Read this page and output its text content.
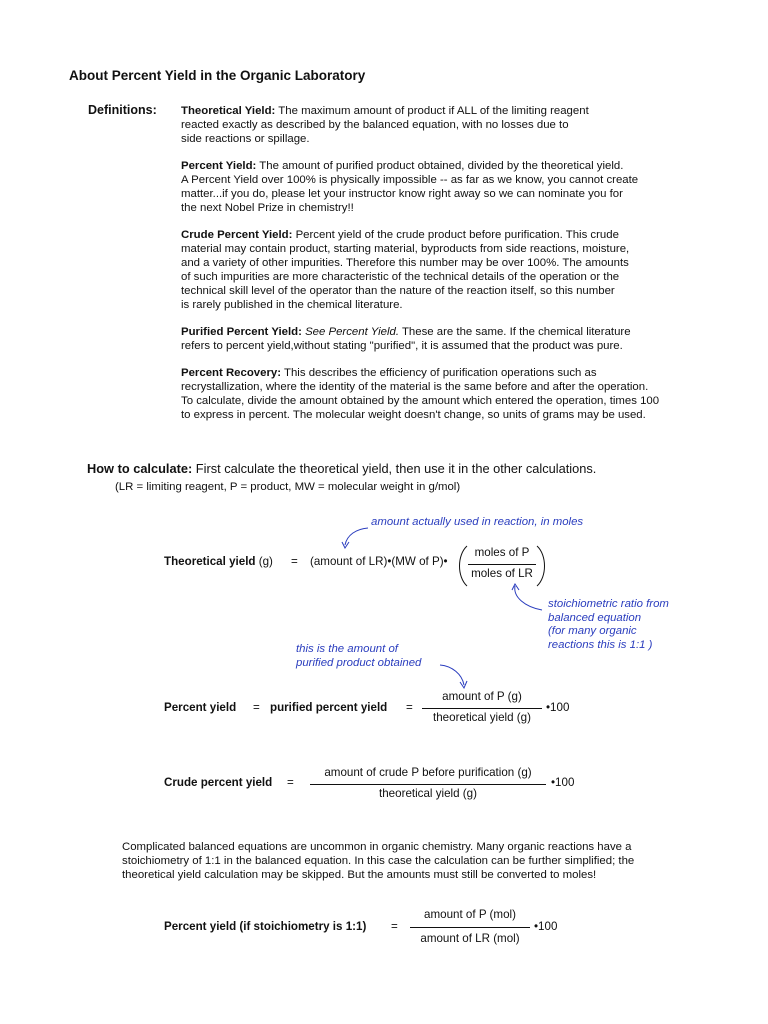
About Percent Yield in the Organic Laboratory
Definitions: Theoretical Yield: The maximum amount of product if ALL of the limiting reagent
reacted exactly as described by the balanced equation, with no losses due to
side reactions or spillage.
Percent Yield: The amount of purified product obtained, divided by the theoretical yield.
A Percent Yield over 100% is physically impossible -- as far as we know, you cannot create
matter...if you do, please let your instructor know right away so we can nominate you for
the next Nobel Prize in chemistry!!
Crude Percent Yield: Percent yield of the crude product before purification. This crude
material may contain product, starting material, byproducts from side reactions, moisture,
and a variety of other impurities. Therefore this number may be over 100%. The amounts
of such impurities are more characteristic of the technical details of the operation or the
technical skill level of the operator than the nature of the reaction itself, so this number
is rarely published in the chemical literature.
Purified Percent Yield: See Percent Yield. These are the same. If the chemical literature
refers to percent yield,without stating "purified", it is assumed that the product was pure.
Percent Recovery: This describes the efficiency of purification operations such as
recrystallization, where the identity of the material is the same before and after the operation.
To calculate, divide the amount obtained by the amount which entered the operation, times 100
to express in percent. The molecular weight doesn't change, so units of grams may be used.
How to calculate: First calculate the theoretical yield, then use it in the other calculations.
(LR = limiting reagent, P = product, MW = molecular weight in g/mol)
amount actually used in reaction, in moles
stoichiometric ratio from
balanced equation
(for many organic
reactions this is 1:1 )
this is the amount of
purified product obtained
Theoretical yield (g) = (amount of LR)•(MW of P)•
moles of P
moles of LR
Percent yield = purified percent yield =
amount of P (g)
theoretical yield (g)
•100
Crude percent yield =
amount of crude P before purification (g)
theoretical yield (g)
•100
Complicated balanced equations are uncommon in organic chemistry. Many organic reactions have a
stoichiometry of 1:1 in the balanced equation. In this case the calculation can be further simplified; the
theoretical yield calculation may be skipped. But the amounts must still be converted to moles!
Percent yield (if stoichiometry is 1:1) =
amount of P (mol)
amount of LR (mol)
•100
